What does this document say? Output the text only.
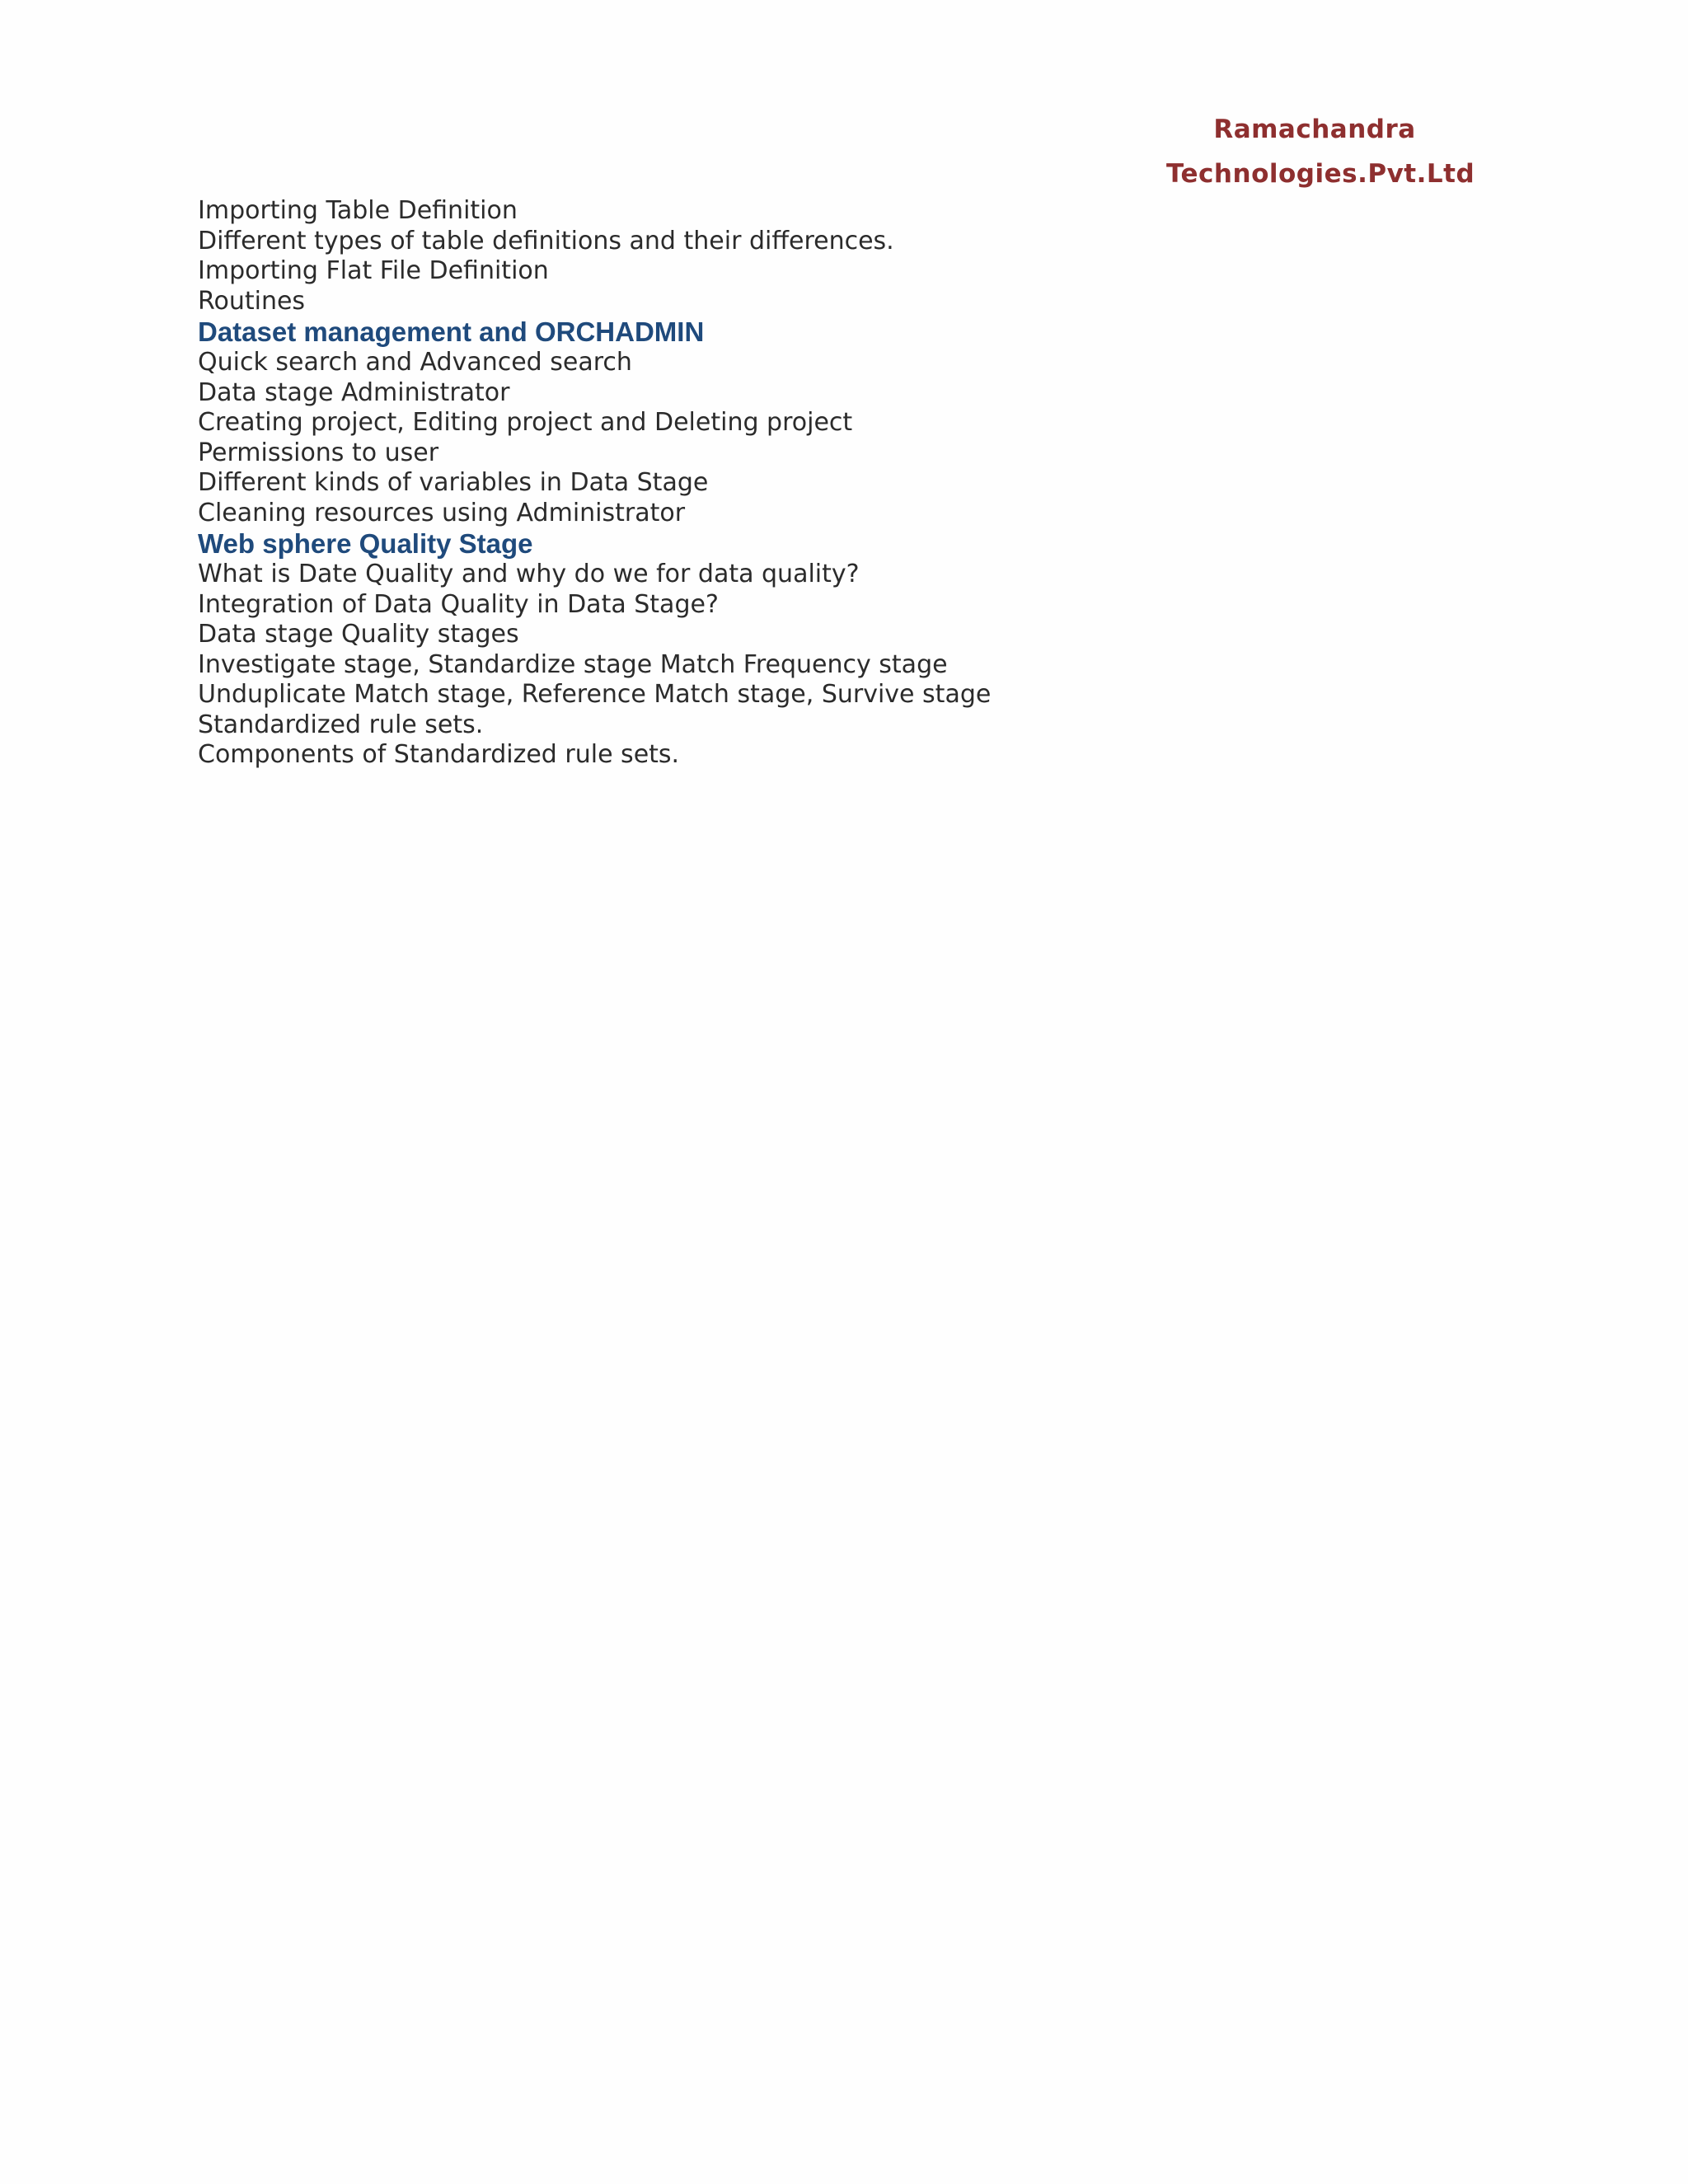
Ramachandra
Technologies.Pvt.Ltd
Importing Table Definition
Different types of table definitions and their differences.
Importing Flat File Definition
Routines
Dataset management and ORCHADMIN
Quick search and Advanced search
Data stage Administrator
Creating project, Editing project and Deleting project
Permissions to user
Different kinds of variables in Data Stage
Cleaning resources using Administrator
Web sphere Quality Stage
What is Date Quality and why do we for data quality?
Integration of Data Quality in Data Stage?
Data stage Quality stages
Investigate stage, Standardize stage Match Frequency stage
Unduplicate Match stage, Reference Match stage, Survive stage
Standardized rule sets.
Components of Standardized rule sets.
